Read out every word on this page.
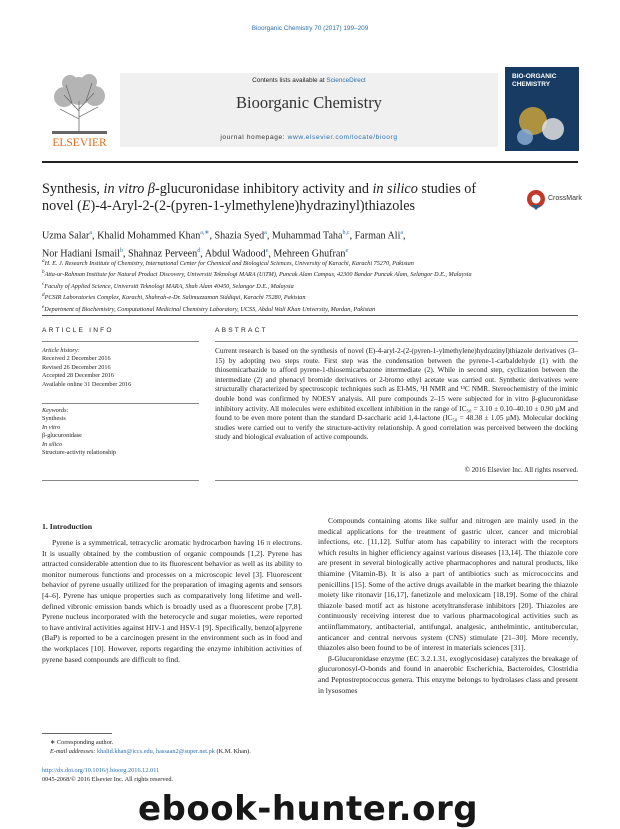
Bioorganic Chemistry 70 (2017) 199–209
ELSEVIER
Contents lists available at ScienceDirect
Bioorganic Chemistry
journal homepage: www.elsevier.com/locate/bioorg
BIO-ORGANIC CHEMISTRY
Synthesis, in vitro β-glucuronidase inhibitory activity and in silico studies of novel (E)-4-Aryl-2-(2-(pyren-1-ylmethylene)hydrazinyl)thiazoles	CrossMark
Uzma Salar$^a$, Khalid Mohammed Khan$^{a,∗}$, Shazia Syed$^a$, Muhammad Taha$^{b,c}$, Farman Ali$^a$,
Nor Hadiani Ismail$^b$, Shahnaz Perveen$^d$, Abdul Wadood$^e$, Mehreen Ghufran$^e$
$^a$H. E. J. Research Institute of Chemistry, International Center for Chemical and Biological Sciences, University of Karachi, Karachi 75270, Pakistan
$^b$Atta-ur-Rahman Institute for Natural Product Discovery, Universiti Teknologi MARA (UiTM), Puncak Alam Campus, 42300 Bandar Puncak Alam, Selangor D.E., Malaysia
$^c$Faculty of Applied Science, Universiti Teknologi MARA, Shah Alam 40450, Selangor D.E., Malaysia
$^d$PCSIR Laboratories Complex, Karachi, Shahrah-e-Dr. Salimuzzaman Siddiqui, Karachi 75280, Pakistan
$^e$Department of Biochemistry, Computational Medicinal Chemistry Laboratory, UCSS, Abdul Wali Khan University, Mardan, Pakistan
ARTICLE INFO	ABSTRACT
Article history:
Received 2 December 2016
Revised 26 December 2016
Accepted 28 December 2016
Available online 31 December 2016
Keywords:
Synthesis
In vitro
β-glucuronidase
In silico
Structure-activity relationship
Current research is based on the synthesis of novel (E)-4-aryl-2-(2-(pyren-1-ylmethylene)hydrazinyl)thiazole derivatives (3–15) by adopting two steps route. First step was the condensation between the pyrene-1-carbaldehyde (1) with the thiosemicarbazide to afford pyrene-1-thiosemicarbazone intermediate (2). While in second step, cyclization between the intermediate (2) and phenacyl bromide derivatives or 2-bromo ethyl acetate was carried out. Synthetic derivatives were structurally characterized by spectroscopic techniques such as EI-MS, ¹H NMR and ¹³C NMR. Stereochemistry of the iminic double bond was confirmed by NOESY analysis. All pure compounds 2–15 were subjected for in vitro β-glucuronidase inhibitory activity. All molecules were exhibited excellent inhibition in the range of IC₅₀ = 3.10 ± 0.10–40.10 ± 0.90 µM and found to be even more potent than the standard D-saccharic acid 1,4-lactone (IC₅₀ = 48.38 ± 1.05 µM). Molecular docking studies were carried out to verify the structure-activity relationship. A good correlation was perceived between the docking study and biological evaluation of active compounds.
© 2016 Elsevier Inc. All rights reserved.
1. Introduction

Pyrene is a symmetrical, tetracyclic aromatic hydrocarbon having 16 π electrons. It is usually obtained by the combustion of organic compounds [1,2]. Pyrene has attracted considerable attention due to its fluorescent behavior as well as its ability to monitor numerous functions and processes on a microscopic level [3]. Fluorescent behavior of pyrene usually utilized for the preparation of imaging agents and sensors [4–6]. Pyrene has unique properties such as comparatively long lifetime and well-defined vibronic emission bands which is broadly used as a fluorescent probe [7,8]. Pyrene nucleus incorporated with the heterocycle and sugar moieties, were reported to have antiviral activities against HIV-1 and HSV-1 [9]. Specifically, benzo[a]pyrene (BaP) is reported to be a carcinogen present in the environment such as in food and the workplaces [10]. However, reports regarding the enzyme inhibition activities of pyrene based compounds are difficult to find.

Compounds containing atoms like sulfur and nitrogen are mainly used in the medical applications for the treatment of gastric ulcer, cancer and microbial infections, etc. [11,12]. Sulfur atom has capability to interact with the receptors which results in higher efficiency against various diseases [13,14]. The thiazole core are present in several biologically active pharmacophores and natural products, like thiamine (Vitamin-B). It is also a part of antibiotics such as micrococcins and penicillins [15]. Some of the active drugs available in the market bearing the thiazole moiety like ritonavir [16,17], fanetizole and meloxicam [18,19]. Some of the chiral thiazole based motif act as histone acetyltransferase inhibitors [20]. Thiazoles are continuously receiving interest due to various pharmacological activities such as antiinflammatory, antibacterial, antifungal, analgesic, anthelmintic, antitubercular, anticancer and central nervous system (CNS) stimulate [21–30]. More recently, thiazoles also been found to be of interest in materials sciences [31].

β-Glucuronidase enzyme (EC 3.2.1.31, exoglycosidase) catalyzes the breakage of glucuronosyl-O-bonds and found in anaerobic Escherichia, Bacteroides, Clostridia and Peptostreptococcus genera. This enzyme belongs to hydrolases class and present in lysosomes

∗ Corresponding author.
E-mail addresses: khalid.khan@iccs.edu, hassaan2@super.net.pk (K.M. Khan).
http://dx.doi.org/10.1016/j.bioorg.2016.12.011
0045-2068/© 2016 Elsevier Inc. All rights reserved.
ebook-hunter.org
